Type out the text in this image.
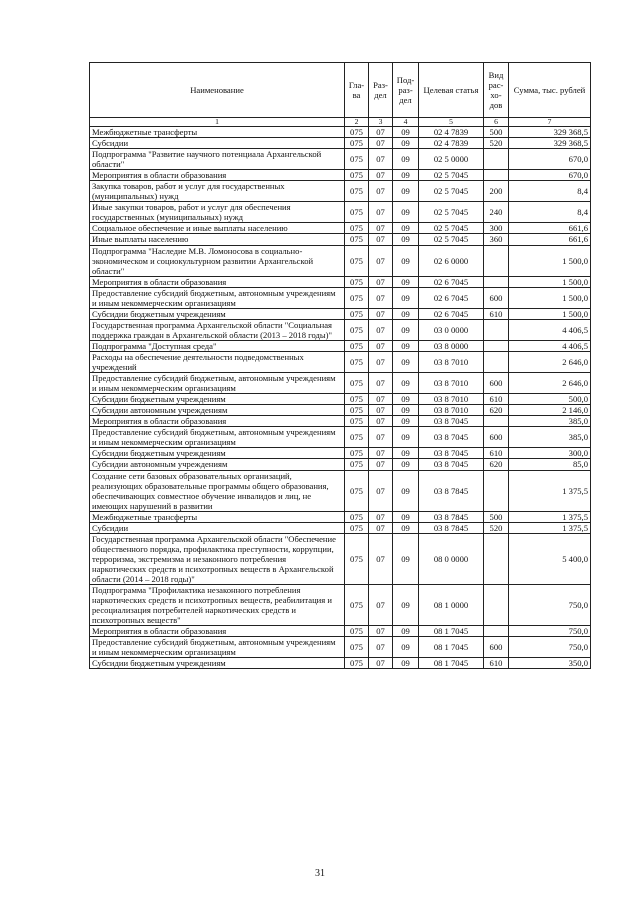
Наименование	Гла-ва	Раз-дел	Под-раз-дел	Целевая статья	Вид рас-хо-дов	Сумма, тыс. рублей
1	2	3	4	5	6	7
Межбюджетные трансферты	075	07	09	02 4 7839	500	329 368,5
Субсидии	075	07	09	02 4 7839	520	329 368,5
Подпрограмма "Развитие научного потенциала Архангельской области"	075	07	09	02 5 0000		670,0
Мероприятия в области образования	075	07	09	02 5 7045		670,0
Закупка товаров, работ и услуг для государственных (муниципальных) нужд	075	07	09	02 5 7045	200	8,4
Иные закупки товаров, работ и услуг для обеспечения государственных (муниципальных) нужд	075	07	09	02 5 7045	240	8,4
Социальное обеспечение и иные выплаты населению	075	07	09	02 5 7045	300	661,6
Иные выплаты населению	075	07	09	02 5 7045	360	661,6
Подпрограмма "Наследие М.В. Ломоносова в социально-экономическом и социокультурном развитии Архангельской области"	075	07	09	02 6 0000		1 500,0
Мероприятия в области образования	075	07	09	02 6 7045		1 500,0
Предоставление субсидий бюджетным, автономным учреждениям и иным некоммерческим организациям	075	07	09	02 6 7045	600	1 500,0
Субсидии бюджетным учреждениям	075	07	09	02 6 7045	610	1 500,0
Государственная программа Архангельской области "Социальная поддержка граждан в Архангельской области (2013 – 2018 годы)"	075	07	09	03 0 0000		4 406,5
Подпрограмма "Доступная среда"	075	07	09	03 8 0000		4 406,5
Расходы на обеспечение деятельности подведомственных учреждений	075	07	09	03 8 7010		2 646,0
Предоставление субсидий бюджетным, автономным учреждениям и иным некоммерческим организациям	075	07	09	03 8 7010	600	2 646,0
Субсидии бюджетным учреждениям	075	07	09	03 8 7010	610	500,0
Субсидии автономным учреждениям	075	07	09	03 8 7010	620	2 146,0
Мероприятия в области образования	075	07	09	03 8 7045		385,0
Предоставление субсидий бюджетным, автономным учреждениям и иным некоммерческим организациям	075	07	09	03 8 7045	600	385,0
Субсидии бюджетным учреждениям	075	07	09	03 8 7045	610	300,0
Субсидии автономным учреждениям	075	07	09	03 8 7045	620	85,0
Создание сети базовых образовательных организаций, реализующих образовательные программы общего образования, обеспечивающих совместное обучение инвалидов и лиц, не имеющих нарушений в развитии	075	07	09	03 8 7845		1 375,5
Межбюджетные трансферты	075	07	09	03 8 7845	500	1 375,5
Субсидии	075	07	09	03 8 7845	520	1 375,5
Государственная программа Архангельской области "Обеспечение общественного порядка, профилактика преступности, коррупции, терроризма, экстремизма и незаконного потребления наркотических средств и психотропных веществ в Архангельской области (2014 – 2018 годы)"	075	07	09	08 0 0000		5 400,0
Подпрограмма "Профилактика незаконного потребления наркотических средств и психотропных веществ, реабилитация и ресоциализация потребителей наркотических средств и психотропных веществ"	075	07	09	08 1 0000		750,0
Мероприятия в области образования	075	07	09	08 1 7045		750,0
Предоставление субсидий бюджетным, автономным учреждениям и иным некоммерческим организациям	075	07	09	08 1 7045	600	750,0
Субсидии бюджетным учреждениям	075	07	09	08 1 7045	610	350,0
31
